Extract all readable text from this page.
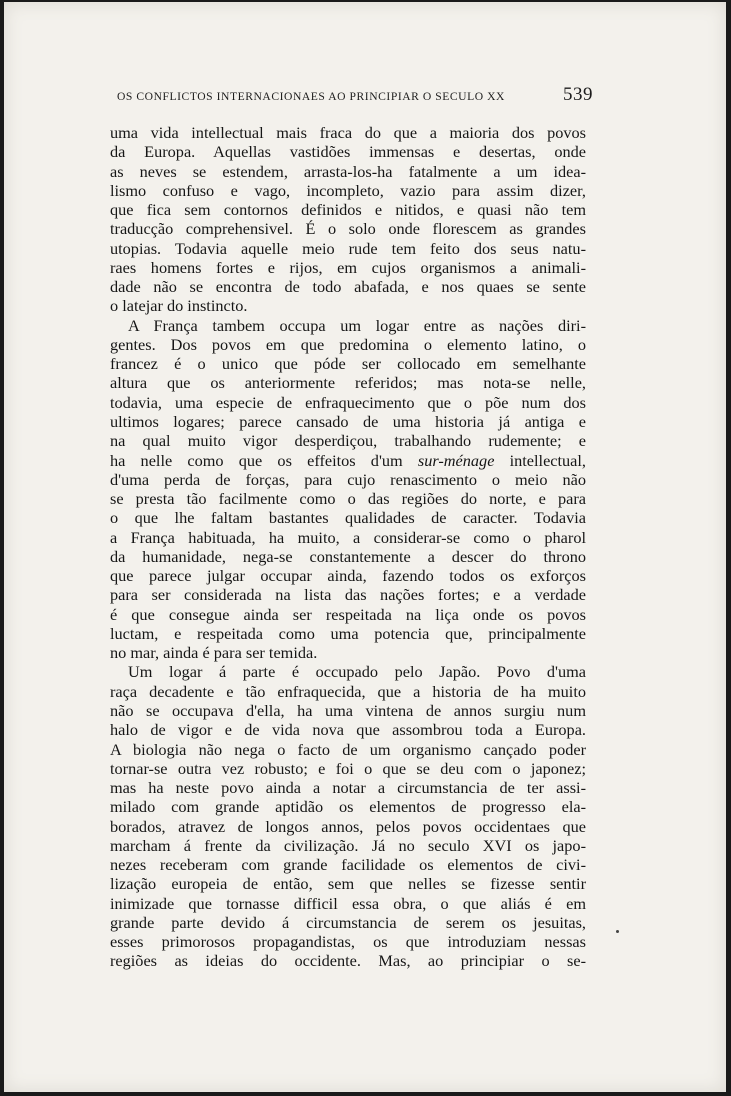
OS CONFLICTOS INTERNACIONAES AO PRINCIPIAR O SECULO XX	539

uma vida intellectual mais fraca do que a maioria dos povos
da Europa. Aquellas vastidões immensas e desertas, onde
as neves se estendem, arrasta-los-ha fatalmente a um idea-
lismo confuso e vago, incompleto, vazio para assim dizer,
que fica sem contornos definidos e nitidos, e quasi não tem
traducção comprehensivel. É o solo onde florescem as grandes
utopias. Todavia aquelle meio rude tem feito dos seus natu-
raes homens fortes e rijos, em cujos organismos a animali-
dade não se encontra de todo abafada, e nos quaes se sente
o latejar do instincto.

A França tambem occupa um logar entre as nações diri-
gentes. Dos povos em que predomina o elemento latino, o
francez é o unico que póde ser collocado em semelhante
altura que os anteriormente referidos; mas nota-se nelle,
todavia, uma especie de enfraquecimento que o põe num dos
ultimos logares; parece cansado de uma historia já antiga e
na qual muito vigor desperdiçou, trabalhando rudemente; e
ha nelle como que os effeitos d'um sur-ménage intellectual,
d'uma perda de forças, para cujo renascimento o meio não
se presta tão facilmente como o das regiões do norte, e para
o que lhe faltam bastantes qualidades de caracter. Todavia
a França habituada, ha muito, a considerar-se como o pharol
da humanidade, nega-se constantemente a descer do throno
que parece julgar occupar ainda, fazendo todos os exforços
para ser considerada na lista das nações fortes; e a verdade
é que consegue ainda ser respeitada na liça onde os povos
luctam, e respeitada como uma potencia que, principalmente
no mar, ainda é para ser temida.

Um logar á parte é occupado pelo Japão. Povo d'uma
raça decadente e tão enfraquecida, que a historia de ha muito
não se occupava d'ella, ha uma vintena de annos surgiu num
halo de vigor e de vida nova que assombrou toda a Europa.
A biologia não nega o facto de um organismo cançado poder
tornar-se outra vez robusto; e foi o que se deu com o japonez;
mas ha neste povo ainda a notar a circumstancia de ter assi-
milado com grande aptidão os elementos de progresso ela-
borados, atravez de longos annos, pelos povos occidentaes que
marcham á frente da civilização. Já no seculo XVI os japo-
nezes receberam com grande facilidade os elementos de civi-
lização europeia de então, sem que nelles se fizesse sentir
inimizade que tornasse difficil essa obra, o que aliás é em
grande parte devido á circumstancia de serem os jesuitas,
esses primorosos propagandistas, os que introduziam nessas
regiões as ideias do occidente. Mas, ao principiar o se-
